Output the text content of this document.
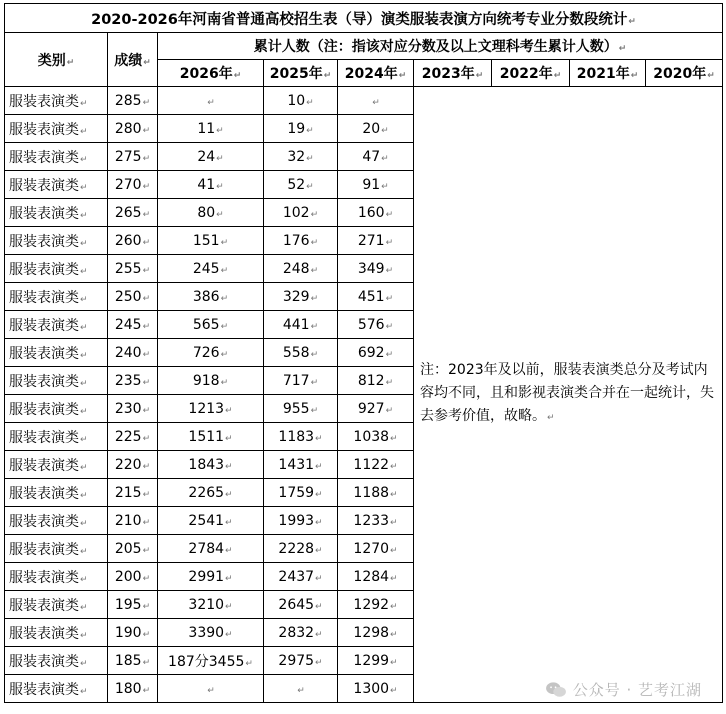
2020-2026年河南省普通高校招生表（导）演类服装表演方向统考专业分数段统计↵								
类别↵	成绩↵	累计人数（注：指该对应分数及以上文理科考生累计人数）↵						
		2026年↵	2025年↵	2024年↵	2023年↵	2022年↵	2021年↵	2020年↵
服装表演类↵	285↵	↵	10↵	↵	注：2023年及以前，服装表演类总分及考试内容均不同，且和影视表演类合并在一起统计，失去参考价值，故略。↵			
服装表演类↵	280↵	11↵	19↵	20↵				
服装表演类↵	275↵	24↵	32↵	47↵				
服装表演类↵	270↵	41↵	52↵	91↵				
服装表演类↵	265↵	80↵	102↵	160↵				
服装表演类↵	260↵	151↵	176↵	271↵				
服装表演类↵	255↵	245↵	248↵	349↵				
服装表演类↵	250↵	386↵	329↵	451↵				
服装表演类↵	245↵	565↵	441↵	576↵				
服装表演类↵	240↵	726↵	558↵	692↵				
服装表演类↵	235↵	918↵	717↵	812↵				
服装表演类↵	230↵	1213↵	955↵	927↵				
服装表演类↵	225↵	1511↵	1183↵	1038↵				
服装表演类↵	220↵	1843↵	1431↵	1122↵				
服装表演类↵	215↵	2265↵	1759↵	1188↵				
服装表演类↵	210↵	2541↵	1993↵	1233↵				
服装表演类↵	205↵	2784↵	2228↵	1270↵				
服装表演类↵	200↵	2991↵	2437↵	1284↵				
服装表演类↵	195↵	3210↵	2645↵	1292↵				
服装表演类↵	190↵	3390↵	2832↵	1298↵				
服装表演类↵	185↵	187分3455↵	2975↵	1299↵				
服装表演类↵	180↵	↵	↵	1300↵					公众号 · 艺考江湖
